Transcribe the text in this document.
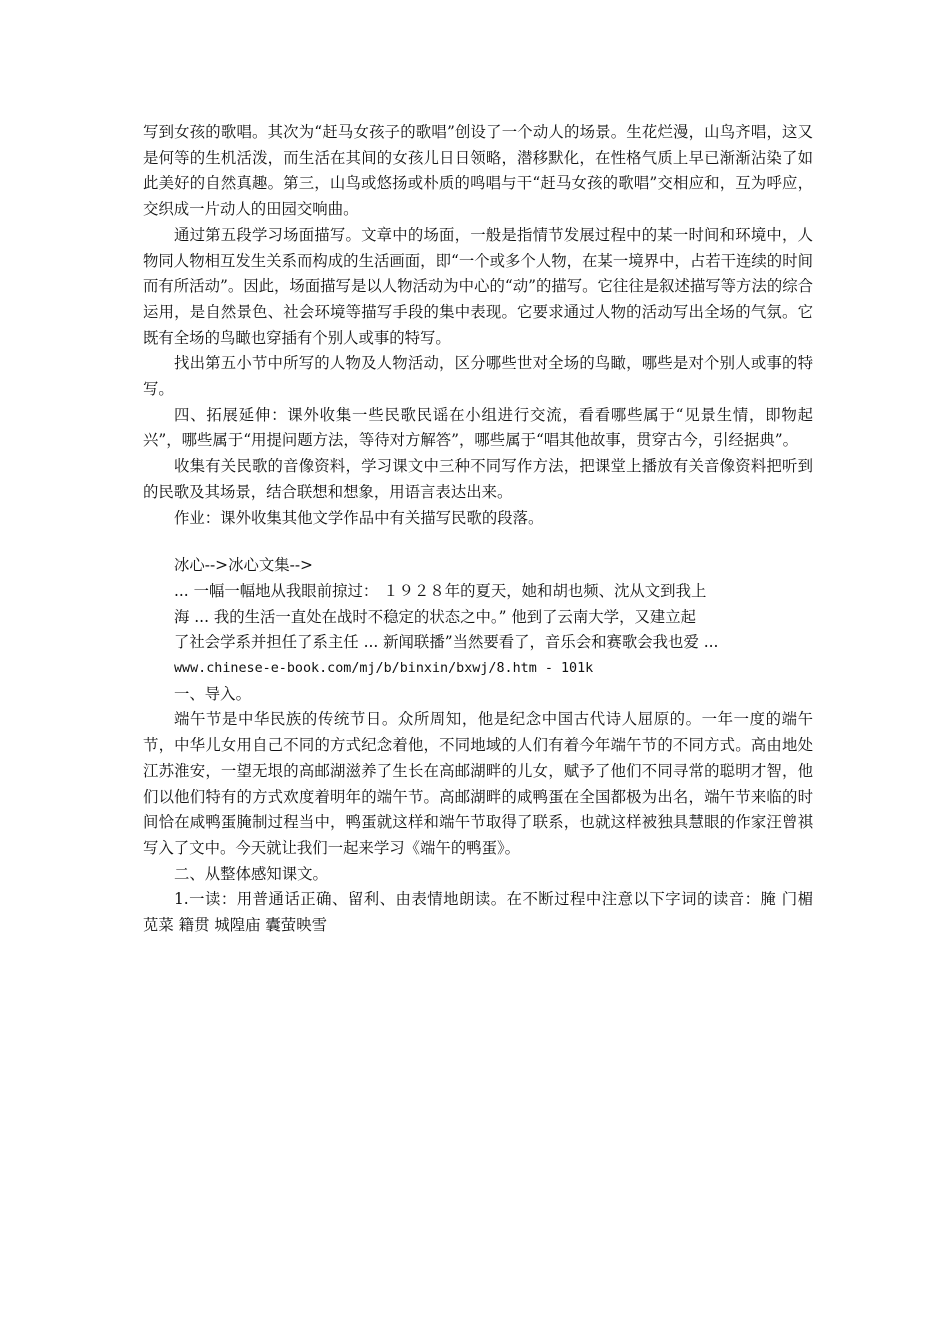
写到女孩的歌唱。其次为“赶马女孩子的歌唱”创设了一个动人的场景。生花烂漫，山鸟齐唱，这又是何等的生机活泼，而生活在其间的女孩儿日日领略，潜移默化，在性格气质上早已渐渐沾染了如此美好的自然真趣。第三，山鸟或悠扬或朴质的鸣唱与干“赶马女孩的歌唱”交相应和，互为呼应，交织成一片动人的田园交响曲。

通过第五段学习场面描写。文章中的场面，一般是指情节发展过程中的某一时间和环境中，人物同人物相互发生关系而构成的生活画面，即“一个或多个人物，在某一境界中，占若干连续的时间而有所活动”。因此，场面描写是以人物活动为中心的“动”的描写。它往往是叙述描写等方法的综合运用，是自然景色、社会环境等描写手段的集中表现。它要求通过人物的活动写出全场的气氛。它既有全场的鸟瞰也穿插有个别人或事的特写。

找出第五小节中所写的人物及人物活动，区分哪些世对全场的鸟瞰，哪些是对个别人或事的特写。

四、拓展延伸：课外收集一些民歌民谣在小组进行交流，看看哪些属于“见景生情，即物起兴”，哪些属于“用提问题方法，等待对方解答”，哪些属于“唱其他故事，贯穿古今，引经据典”。

收集有关民歌的音像资料，学习课文中三种不同写作方法，把课堂上播放有关音像资料把听到的民歌及其场景，结合联想和想象，用语言表达出来。

作业：课外收集其他文学作品中有关描写民歌的段落。

冰心-->冰心文集-->
... 一幅一幅地从我眼前掠过： １９２８年的夏天，她和胡也频、沈从文到我上
海 ... 我的生活一直处在战时不稳定的状态之中。” 他到了云南大学，又建立起
了社会学系并担任了系主任 ... 新闻联播”当然要看了，音乐会和赛歌会我也爱 ...
www.chinese-e-book.com/mj/b/binxin/bxwj/8.htm - 101k

一、导入。

端午节是中华民族的传统节日。众所周知，他是纪念中国古代诗人屈原的。一年一度的端午节，中华儿女用自己不同的方式纪念着他，不同地域的人们有着今年端午节的不同方式。高由地处江苏淮安，一望无垠的高邮湖滋养了生长在高邮湖畔的儿女，赋予了他们不同寻常的聪明才智，他们以他们特有的方式欢度着明年的端午节。高邮湖畔的咸鸭蛋在全国都极为出名，端午节来临的时间恰在咸鸭蛋腌制过程当中，鸭蛋就这样和端午节取得了联系，也就这样被独具慧眼的作家汪曾祺写入了文中。今天就让我们一起来学习《端午的鸭蛋》。

二、从整体感知课文。

1.一读：用普通话正确、留利、由表情地朗读。在不断过程中注意以下字词的读音：腌 门楣 苋菜 籍贯 城隍庙 囊萤映雪
